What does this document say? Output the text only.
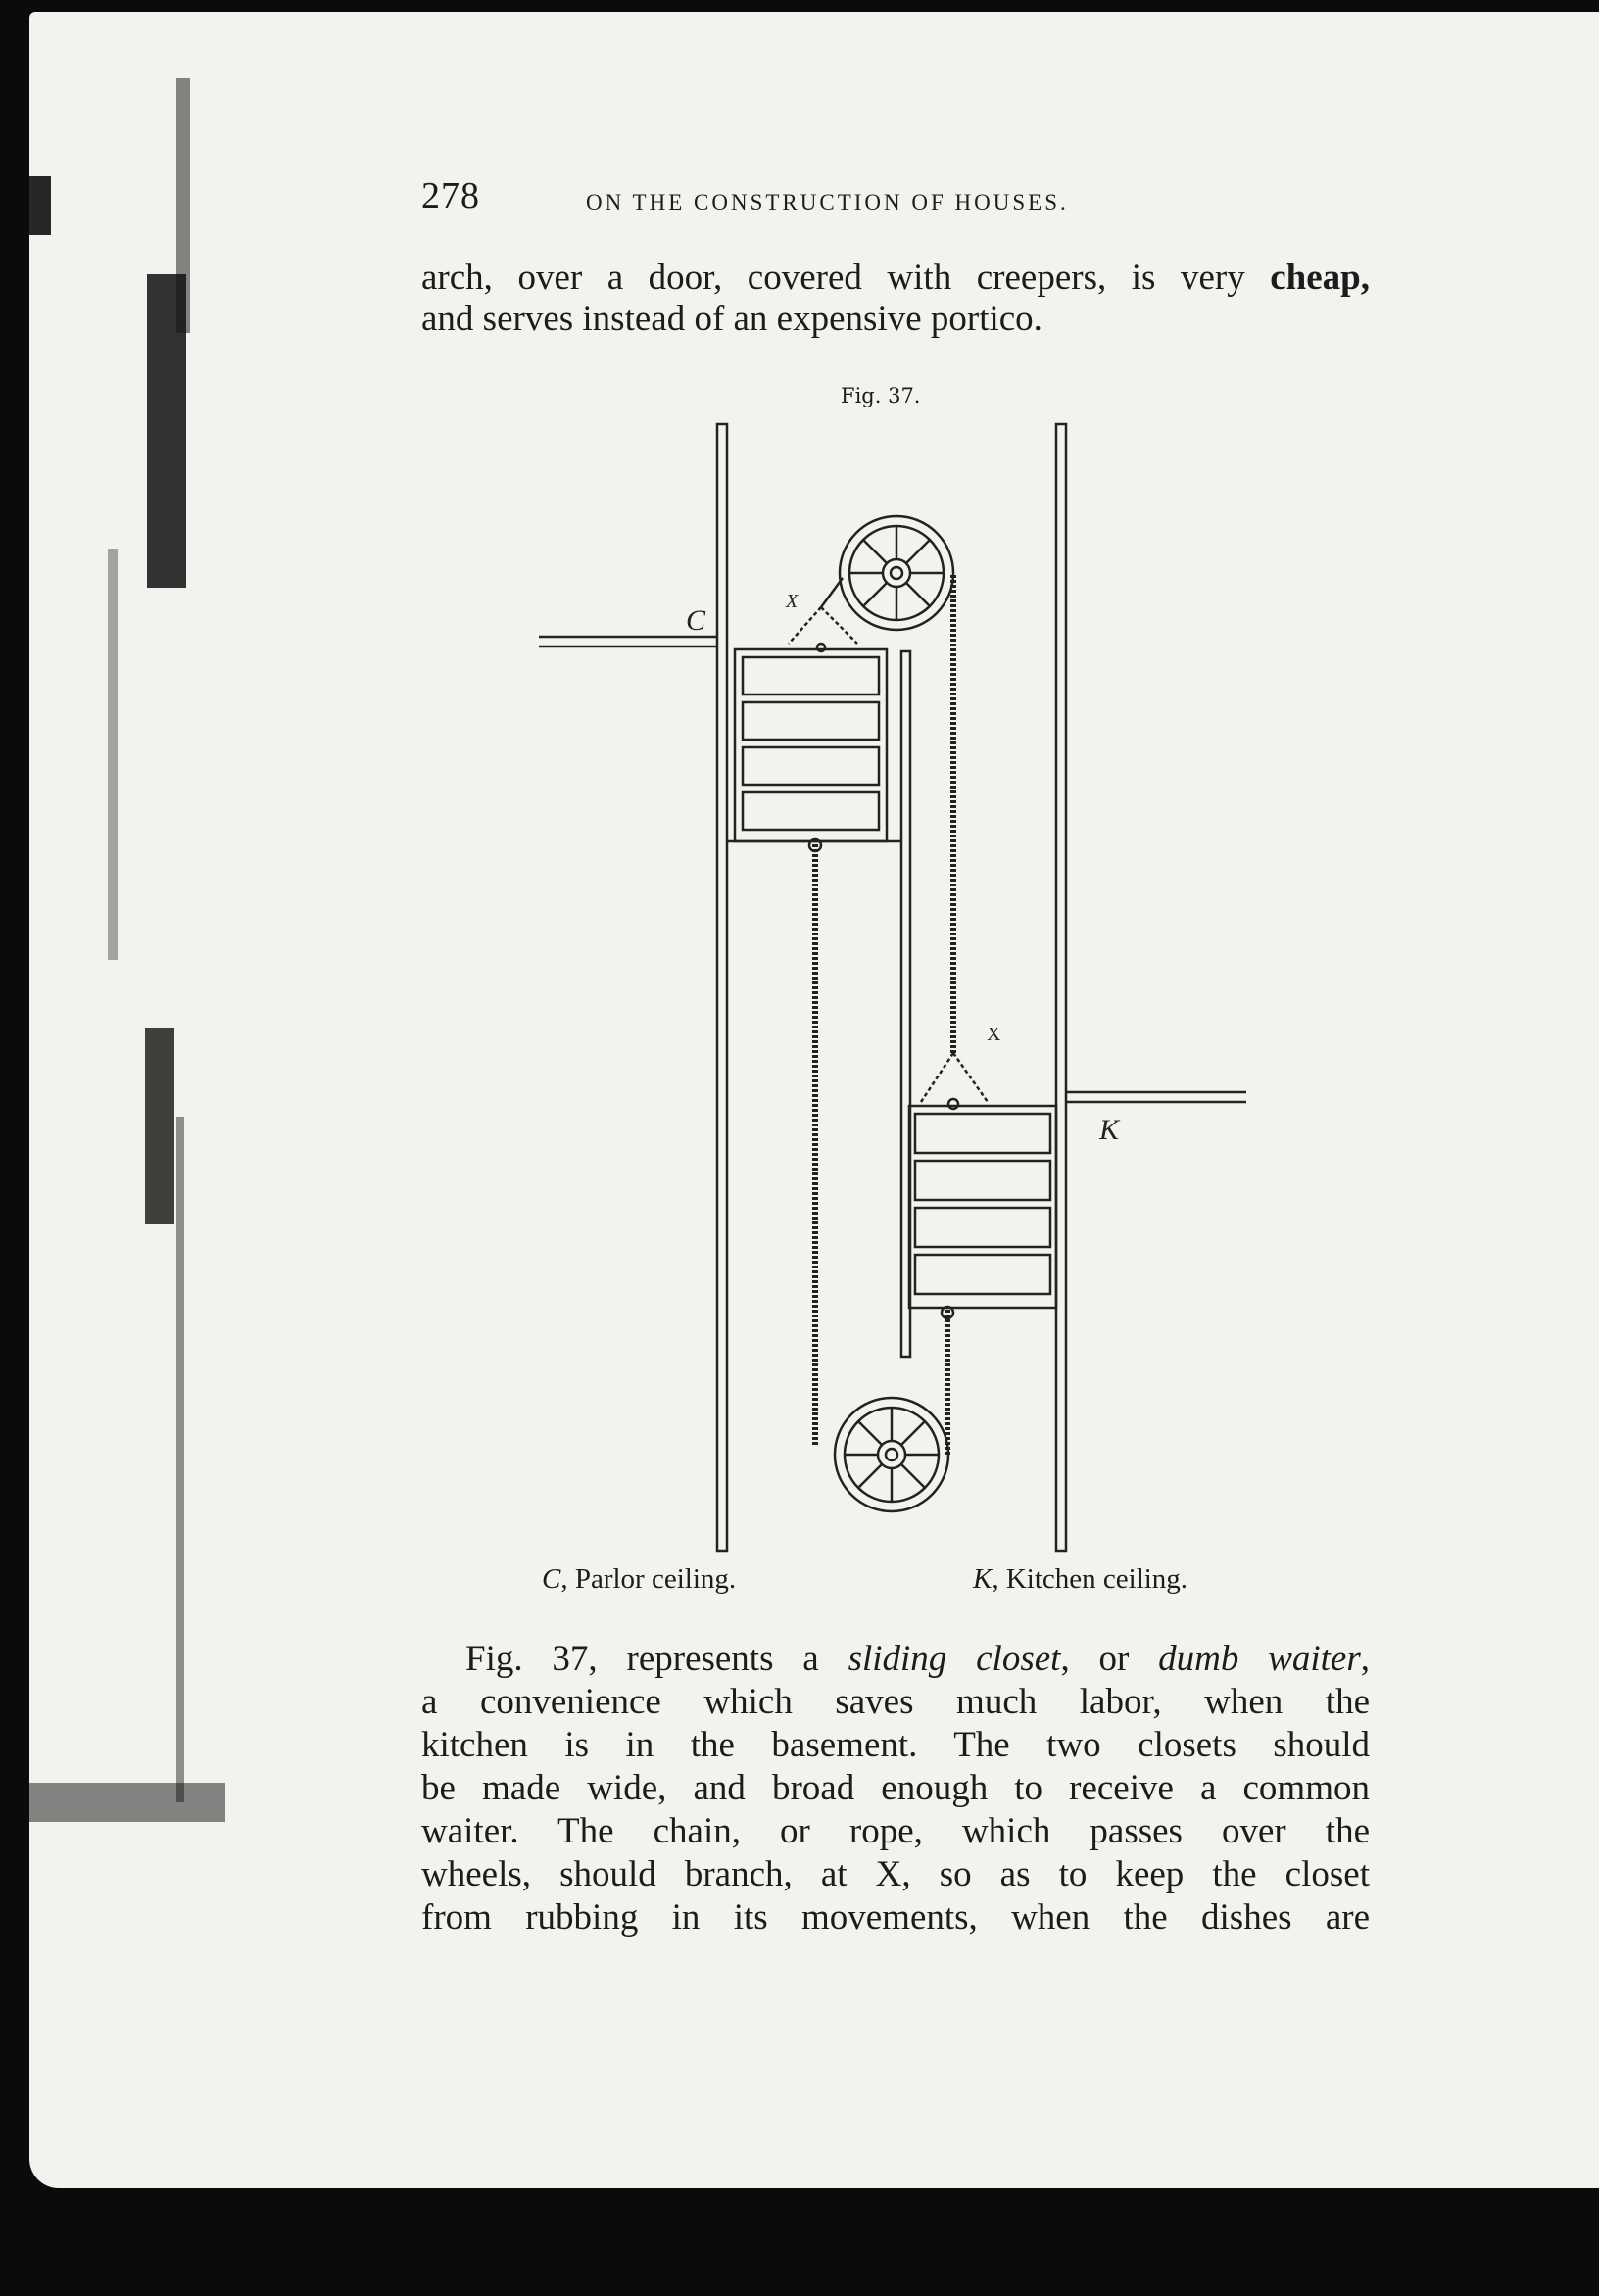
278	ON THE CONSTRUCTION OF HOUSES.
arch, over a door, covered with creepers, is very cheap,
and serves instead of an expensive portico.
Fig. 37.
C
K
X
X
C, Parlor ceiling.	K, Kitchen ceiling.
Fig. 37, represents a sliding closet, or dumb waiter,
a convenience which saves much labor, when the
kitchen is in the basement. The two closets should
be made wide, and broad enough to receive a common
waiter. The chain, or rope, which passes over the
wheels, should branch, at X, so as to keep the closet
from rubbing in its movements, when the dishes are
